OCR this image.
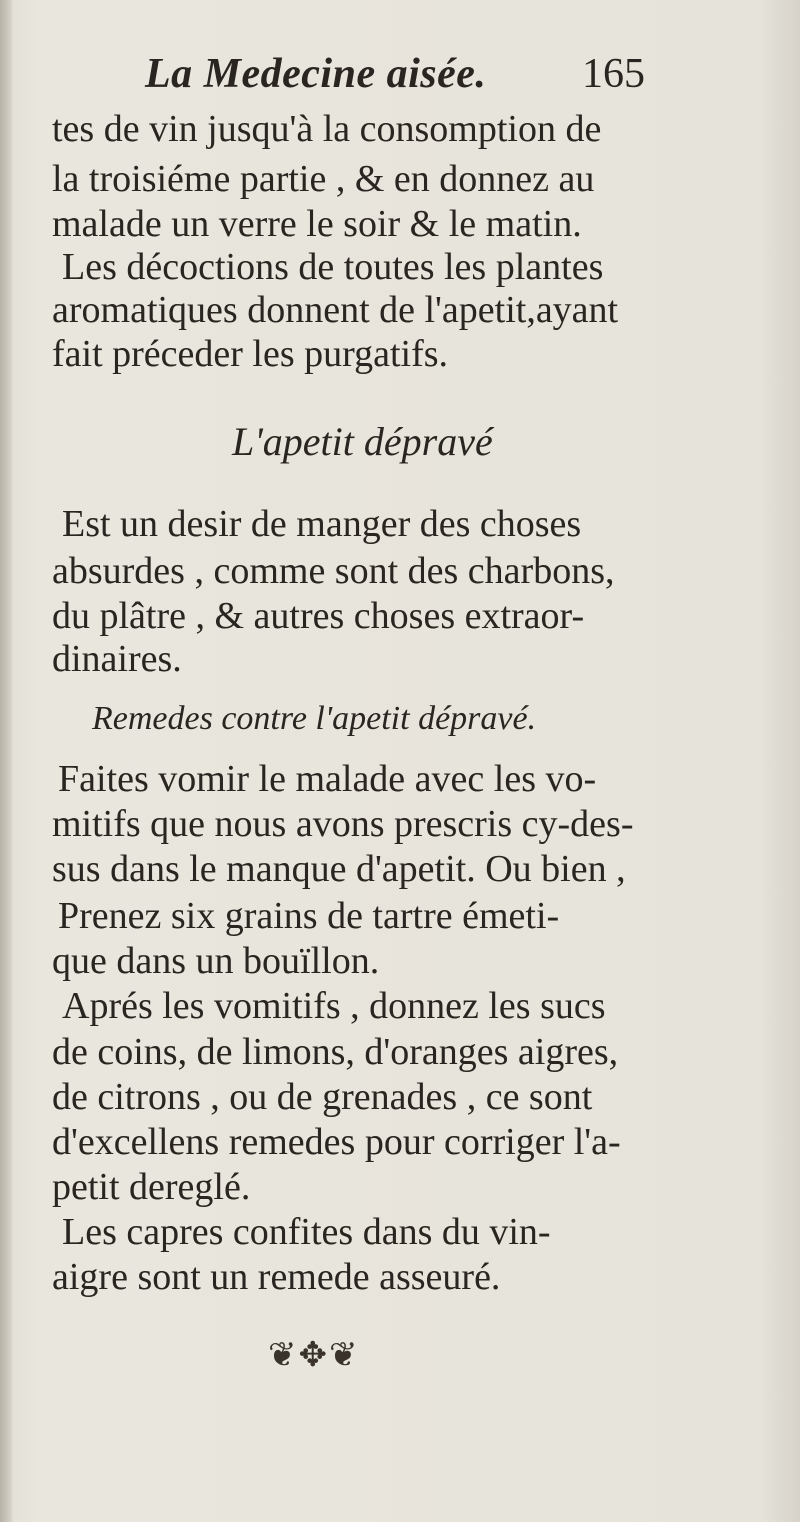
La Medecine aisée. 165
tes de vin jusqu'à la consomption de
la troisiéme partie , & en donnez au
malade un verre le soir & le matin.
Les décoctions de toutes les plantes
aromatiques donnent de l'apetit,ayant
fait préceder les purgatifs.
L'apetit dépravé
Est un desir de manger des choses
absurdes , comme sont des charbons,
du plâtre , & autres choses extraor-
dinaires.
Remedes contre l'apetit dépravé.
Faites vomir le malade avec les vo-
mitifs que nous avons prescris cy-des-
sus dans le manque d'apetit. Ou bien ,
Prenez six grains de tartre émeti-
que dans un bouïllon.
Aprés les vomitifs , donnez les sucs
de coins, de limons, d'oranges aigres,
de citrons , ou de grenades , ce sont
d'excellens remedes pour corriger l'a-
petit dereglé.
Les capres confites dans du vin-
aigre sont un remede asseuré.
❦✥❦
